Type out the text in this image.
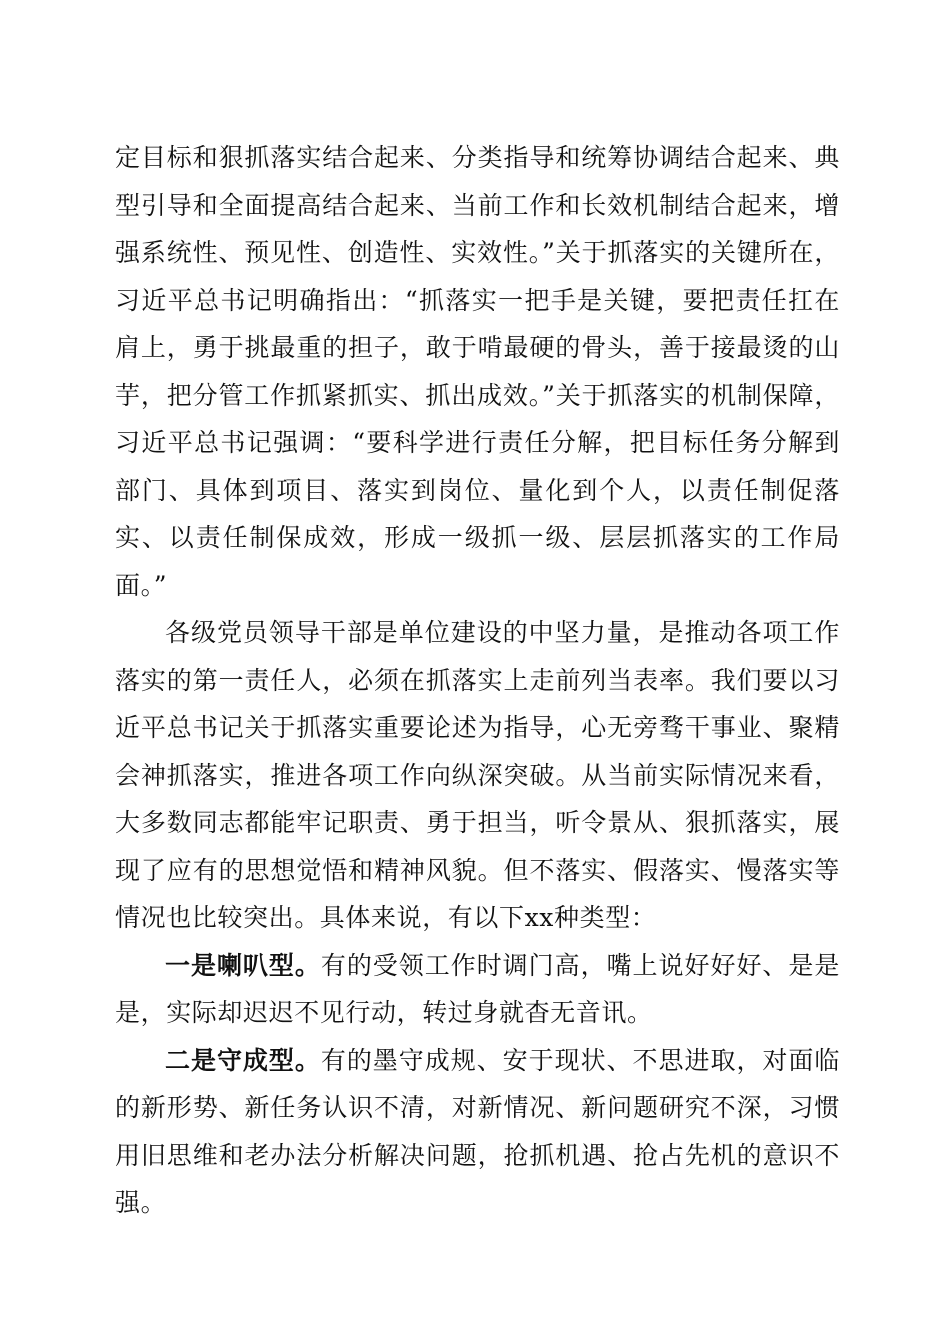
定目标和狠抓落实结合起来、分类指导和统筹协调结合起来、典型引导和全面提高结合起来、当前工作和长效机制结合起来，增强系统性、预见性、创造性、实效性。”关于抓落实的关键所在，习近平总书记明确指出：“抓落实一把手是关键，要把责任扛在肩上，勇于挑最重的担子，敢于啃最硬的骨头，善于接最烫的山芋，把分管工作抓紧抓实、抓出成效。”关于抓落实的机制保障，习近平总书记强调：“要科学进行责任分解，把目标任务分解到部门、具体到项目、落实到岗位、量化到个人，以责任制促落实、以责任制保成效，形成一级抓一级、层层抓落实的工作局面。”

各级党员领导干部是单位建设的中坚力量，是推动各项工作落实的第一责任人，必须在抓落实上走前列当表率。我们要以习近平总书记关于抓落实重要论述为指导，心无旁骛干事业、聚精会神抓落实，推进各项工作向纵深突破。从当前实际情况来看，大多数同志都能牢记职责、勇于担当，听令景从、狠抓落实，展现了应有的思想觉悟和精神风貌。但不落实、假落实、慢落实等情况也比较突出。具体来说，有以下xx种类型：

一是喇叭型。有的受领工作时调门高，嘴上说好好好、是是是，实际却迟迟不见行动，转过身就杳无音讯。

二是守成型。有的墨守成规、安于现状、不思进取，对面临的新形势、新任务认识不清，对新情况、新问题研究不深，习惯用旧思维和老办法分析解决问题，抢抓机遇、抢占先机的意识不强。
